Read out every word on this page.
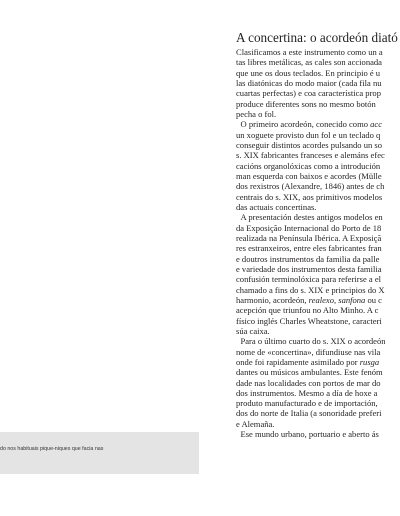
do nos habituais pique-niques que facia nas
A concertina: o acordeón diató
Clasificamos a este instrumento como un a
tas libres metálicas, as cales son accionada
que une os dous teclados. En principio é u
las diatónicas do modo maior (cada fila nu
cuartas perfectas) e coa característica prop
produce diferentes sons no mesmo botón
pecha o fol.
O primeiro acordeón, conecido como acc
un xoguete provisto dun fol e un teclado q
conseguir distintos acordes pulsando un so
s. XIX fabricantes franceses e alemáns efec
cacións organolóxicas como a introdución
man esquerda con baixos e acordes (Mülle
dos rexistros (Alexandre, 1846) antes de ch
centrais do s. XIX, aos primitivos modelos
das actuais concertinas.
A presentación destes antigos modelos en
da Exposição Internacional do Porto de 18
realizada na Península Ibérica. A Exposiçã
res estranxeiros, entre eles fabricantes fran
e doutros instrumentos da familia da palle
e variedade dos instrumentos desta familia
confusión terminolóxica para referirse a el
chamado a fins do s. XIX e principios do X
harmonio, acordeón, realexo, sanfona ou c
acepción que triunfou no Alto Minho. A c
físico inglés Charles Wheatstone, caracteri
súa caixa.
Para o último cuarto do s. XIX o acordeón
nome de «concertina», difundiuse nas vila
onde foi rapidamente asimilado por rusga
dantes ou músicos ambulantes. Este fenóm
dade nas localidades con portos de mar do
dos instrumentos. Mesmo a día de hoxe a
produto manufacturado e de importación,
dos do norte de Italia (a sonoridade preferi
e Alemaña.
Ese mundo urbano, portuario e aberto ás
